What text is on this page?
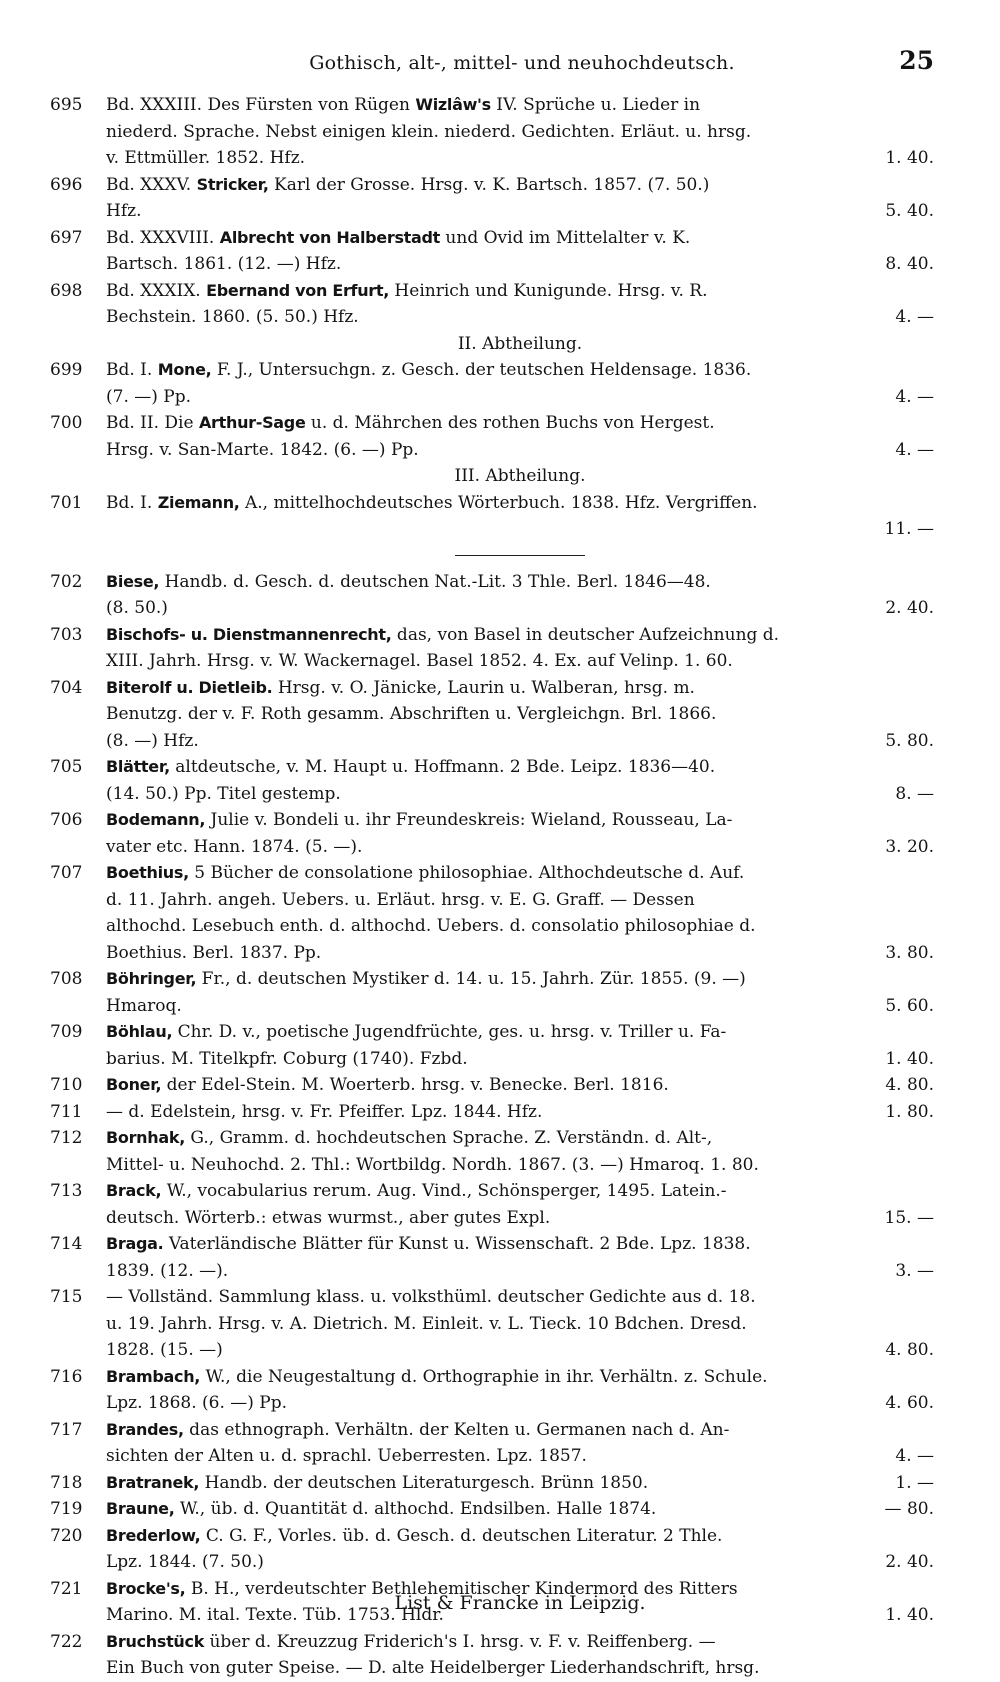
Gothisch, alt-, mittel- und neuhochdeutsch.	25
695	Bd. XXXIII. Des Fürsten von Rügen Wizlâw's IV. Sprüche u. Lieder in
niederd. Sprache. Nebst einigen klein. niederd. Gedichten. Erläut. u. hrsg.
v. Ettmüller. 1852. Hfz.	1. 40.
696	Bd. XXXV. Stricker, Karl der Grosse. Hrsg. v. K. Bartsch. 1857. (7. 50.)
Hfz.	5. 40.
697	Bd. XXXVIII. Albrecht von Halberstadt und Ovid im Mittelalter v. K.
Bartsch. 1861. (12. —) Hfz.	8. 40.
698	Bd. XXXIX. Ebernand von Erfurt, Heinrich und Kunigunde. Hrsg. v. R.
Bechstein. 1860. (5. 50.) Hfz.	4. —
II. Abtheilung.
699	Bd. I. Mone, F. J., Untersuchgn. z. Gesch. der teutschen Heldensage. 1836.
(7. —) Pp.	4. —
700	Bd. II. Die Arthur-Sage u. d. Mährchen des rothen Buchs von Hergest.
Hrsg. v. San-Marte. 1842. (6. —) Pp.	4. —
III. Abtheilung.
701	Bd. I. Ziemann, A., mittelhochdeutsches Wörterbuch. 1838. Hfz. Vergriffen.
11. —
702	Biese, Handb. d. Gesch. d. deutschen Nat.-Lit. 3 Thle. Berl. 1846—48.
(8. 50.)	2. 40.
703	Bischofs- u. Dienstmannenrecht, das, von Basel in deutscher Aufzeichnung d.
XIII. Jahrh. Hrsg. v. W. Wackernagel. Basel 1852. 4. Ex. auf Velinp. 1. 60.
704	Biterolf u. Dietleib. Hrsg. v. O. Jänicke, Laurin u. Walberan, hrsg. m.
Benutzg. der v. F. Roth gesamm. Abschriften u. Vergleichgn. Brl. 1866.
(8. —) Hfz.	5. 80.
705	Blätter, altdeutsche, v. M. Haupt u. Hoffmann. 2 Bde. Leipz. 1836—40.
(14. 50.) Pp. Titel gestemp.	8. —
706	Bodemann, Julie v. Bondeli u. ihr Freundeskreis: Wieland, Rousseau, La-
vater etc. Hann. 1874. (5. —).	3. 20.
707	Boethius, 5 Bücher de consolatione philosophiae. Althochdeutsche d. Auf.
d. 11. Jahrh. angeh. Uebers. u. Erläut. hrsg. v. E. G. Graff. — Dessen
althochd. Lesebuch enth. d. althochd. Uebers. d. consolatio philosophiae d.
Boethius. Berl. 1837. Pp.	3. 80.
708	Böhringer, Fr., d. deutschen Mystiker d. 14. u. 15. Jahrh. Zür. 1855. (9. —)
Hmaroq.	5. 60.
709	Böhlau, Chr. D. v., poetische Jugendfrüchte, ges. u. hrsg. v. Triller u. Fa-
barius. M. Titelkpfr. Coburg (1740). Fzbd.	1. 40.
710	Boner, der Edel-Stein. M. Woerterb. hrsg. v. Benecke. Berl. 1816.	4. 80.
711	— d. Edelstein, hrsg. v. Fr. Pfeiffer. Lpz. 1844. Hfz.	1. 80.
712	Bornhak, G., Gramm. d. hochdeutschen Sprache. Z. Verständn. d. Alt-,
Mittel- u. Neuhochd. 2. Thl.: Wortbildg. Nordh. 1867. (3. —) Hmaroq. 1. 80.
713	Brack, W., vocabularius rerum. Aug. Vind., Schönsperger, 1495. Latein.-
deutsch. Wörterb.: etwas wurmst., aber gutes Expl.	15. —
714	Braga. Vaterländische Blätter für Kunst u. Wissenschaft. 2 Bde. Lpz. 1838.
1839. (12. —).	3. —
715	— Vollständ. Sammlung klass. u. volksthüml. deutscher Gedichte aus d. 18.
u. 19. Jahrh. Hrsg. v. A. Dietrich. M. Einleit. v. L. Tieck. 10 Bdchen. Dresd.
1828. (15. —)	4. 80.
716	Brambach, W., die Neugestaltung d. Orthographie in ihr. Verhältn. z. Schule.
Lpz. 1868. (6. —) Pp.	4. 60.
717	Brandes, das ethnograph. Verhältn. der Kelten u. Germanen nach d. An-
sichten der Alten u. d. sprachl. Ueberresten. Lpz. 1857.	4. —
718	Bratranek, Handb. der deutschen Literaturgesch. Brünn 1850.	1. —
719	Braune, W., üb. d. Quantität d. althochd. Endsilben. Halle 1874.	— 80.
720	Brederlow, C. G. F., Vorles. üb. d. Gesch. d. deutschen Literatur. 2 Thle.
Lpz. 1844. (7. 50.)	2. 40.
721	Brocke's, B. H., verdeutschter Bethlehemitischer Kindermord des Ritters
Marino. M. ital. Texte. Tüb. 1753. Hldr.	1. 40.
722	Bruchstück über d. Kreuzzug Friderich's I. hrsg. v. F. v. Reiffenberg. —
Ein Buch von guter Speise. — D. alte Heidelberger Liederhandschrift, hrsg.
List & Francke in Leipzig.
